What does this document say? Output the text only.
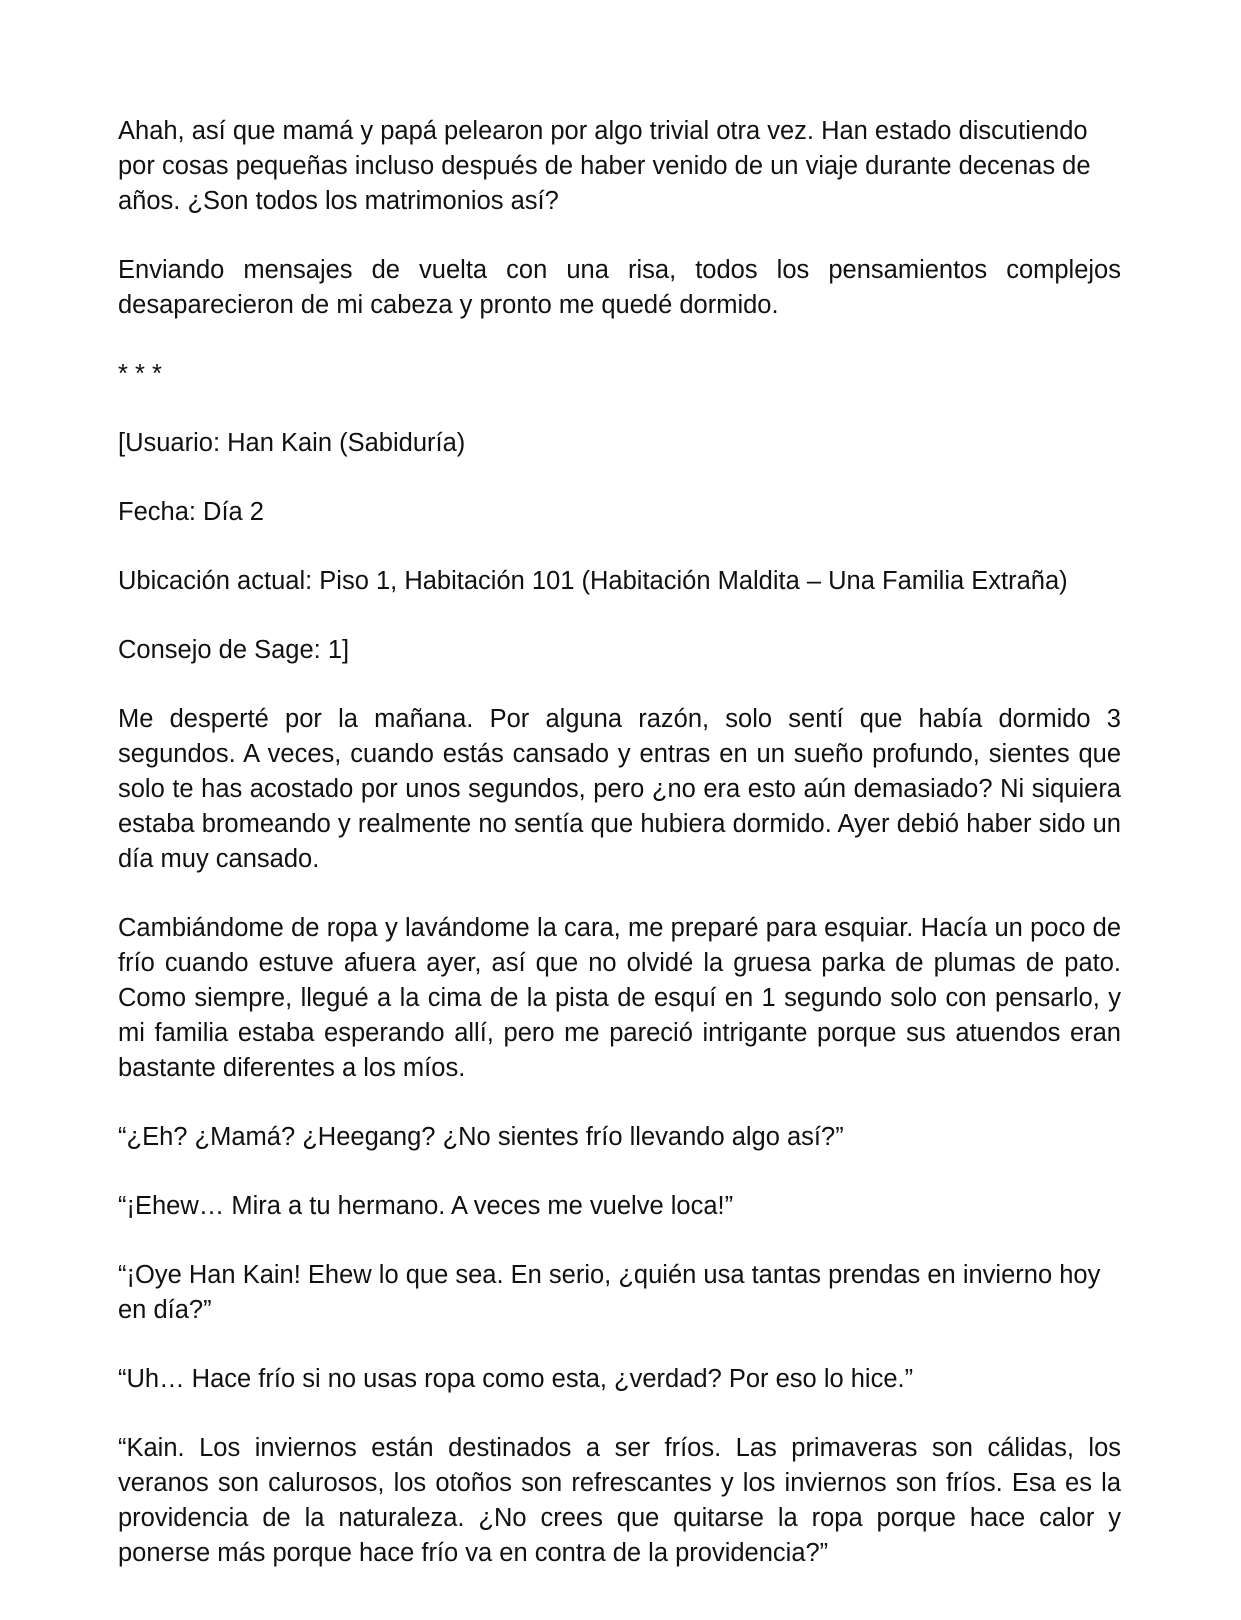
Ahah, así que mamá y papá pelearon por algo trivial otra vez. Han estado discutiendo por cosas pequeñas incluso después de haber venido de un viaje durante decenas de años. ¿Son todos los matrimonios así?

Enviando mensajes de vuelta con una risa, todos los pensamientos complejos desaparecieron de mi cabeza y pronto me quedé dormido.

* * *

[Usuario: Han Kain (Sabiduría)

Fecha: Día 2

Ubicación actual: Piso 1, Habitación 101 (Habitación Maldita – Una Familia Extraña)

Consejo de Sage: 1]

Me desperté por la mañana. Por alguna razón, solo sentí que había dormido 3 segundos. A veces, cuando estás cansado y entras en un sueño profundo, sientes que solo te has acostado por unos segundos, pero ¿no era esto aún demasiado? Ni siquiera estaba bromeando y realmente no sentía que hubiera dormido. Ayer debió haber sido un día muy cansado.

Cambiándome de ropa y lavándome la cara, me preparé para esquiar. Hacía un poco de frío cuando estuve afuera ayer, así que no olvidé la gruesa parka de plumas de pato. Como siempre, llegué a la cima de la pista de esquí en 1 segundo solo con pensarlo, y mi familia estaba esperando allí, pero me pareció intrigante porque sus atuendos eran bastante diferentes a los míos.

“¿Eh? ¿Mamá? ¿Heegang? ¿No sientes frío llevando algo así?”

“¡Ehew… Mira a tu hermano. A veces me vuelve loca!”

“¡Oye Han Kain! Ehew lo que sea. En serio, ¿quién usa tantas prendas en invierno hoy en día?”

“Uh… Hace frío si no usas ropa como esta, ¿verdad? Por eso lo hice.”

“Kain. Los inviernos están destinados a ser fríos. Las primaveras son cálidas, los veranos son calurosos, los otoños son refrescantes y los inviernos son fríos. Esa es la providencia de la naturaleza. ¿No crees que quitarse la ropa porque hace calor y ponerse más porque hace frío va en contra de la providencia?”
